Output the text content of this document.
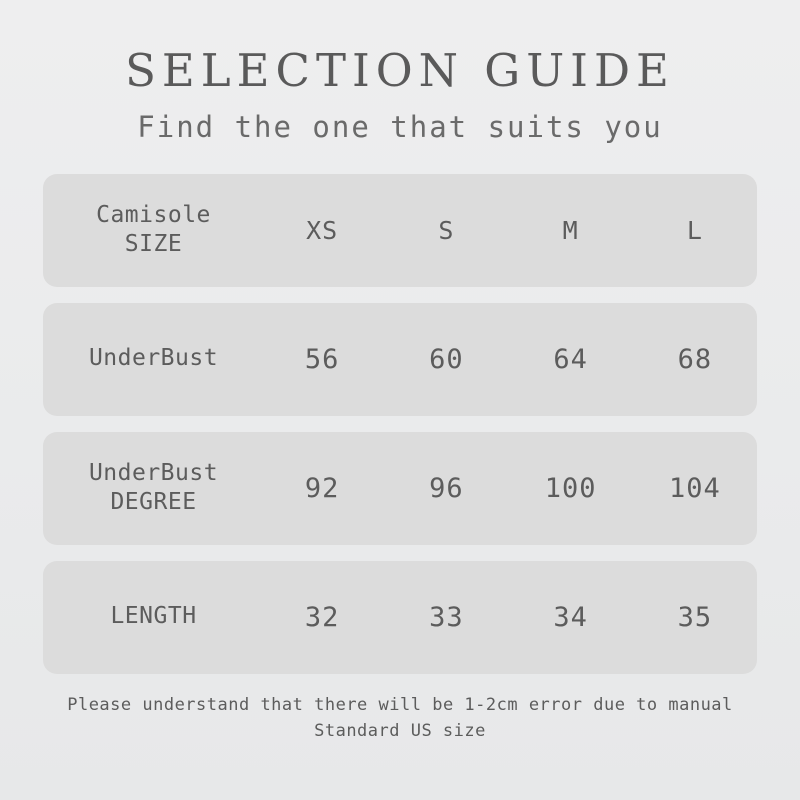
SELECTION GUIDE

Find the one that suits you

Camisole
SIZE	XS	S	M	L
UnderBust	56	60	64	68
UnderBust
DEGREE	92	96	100	104
LENGTH	32	33	34	35
Please understand that there will be 1-2cm error due to manual
Standard US size
